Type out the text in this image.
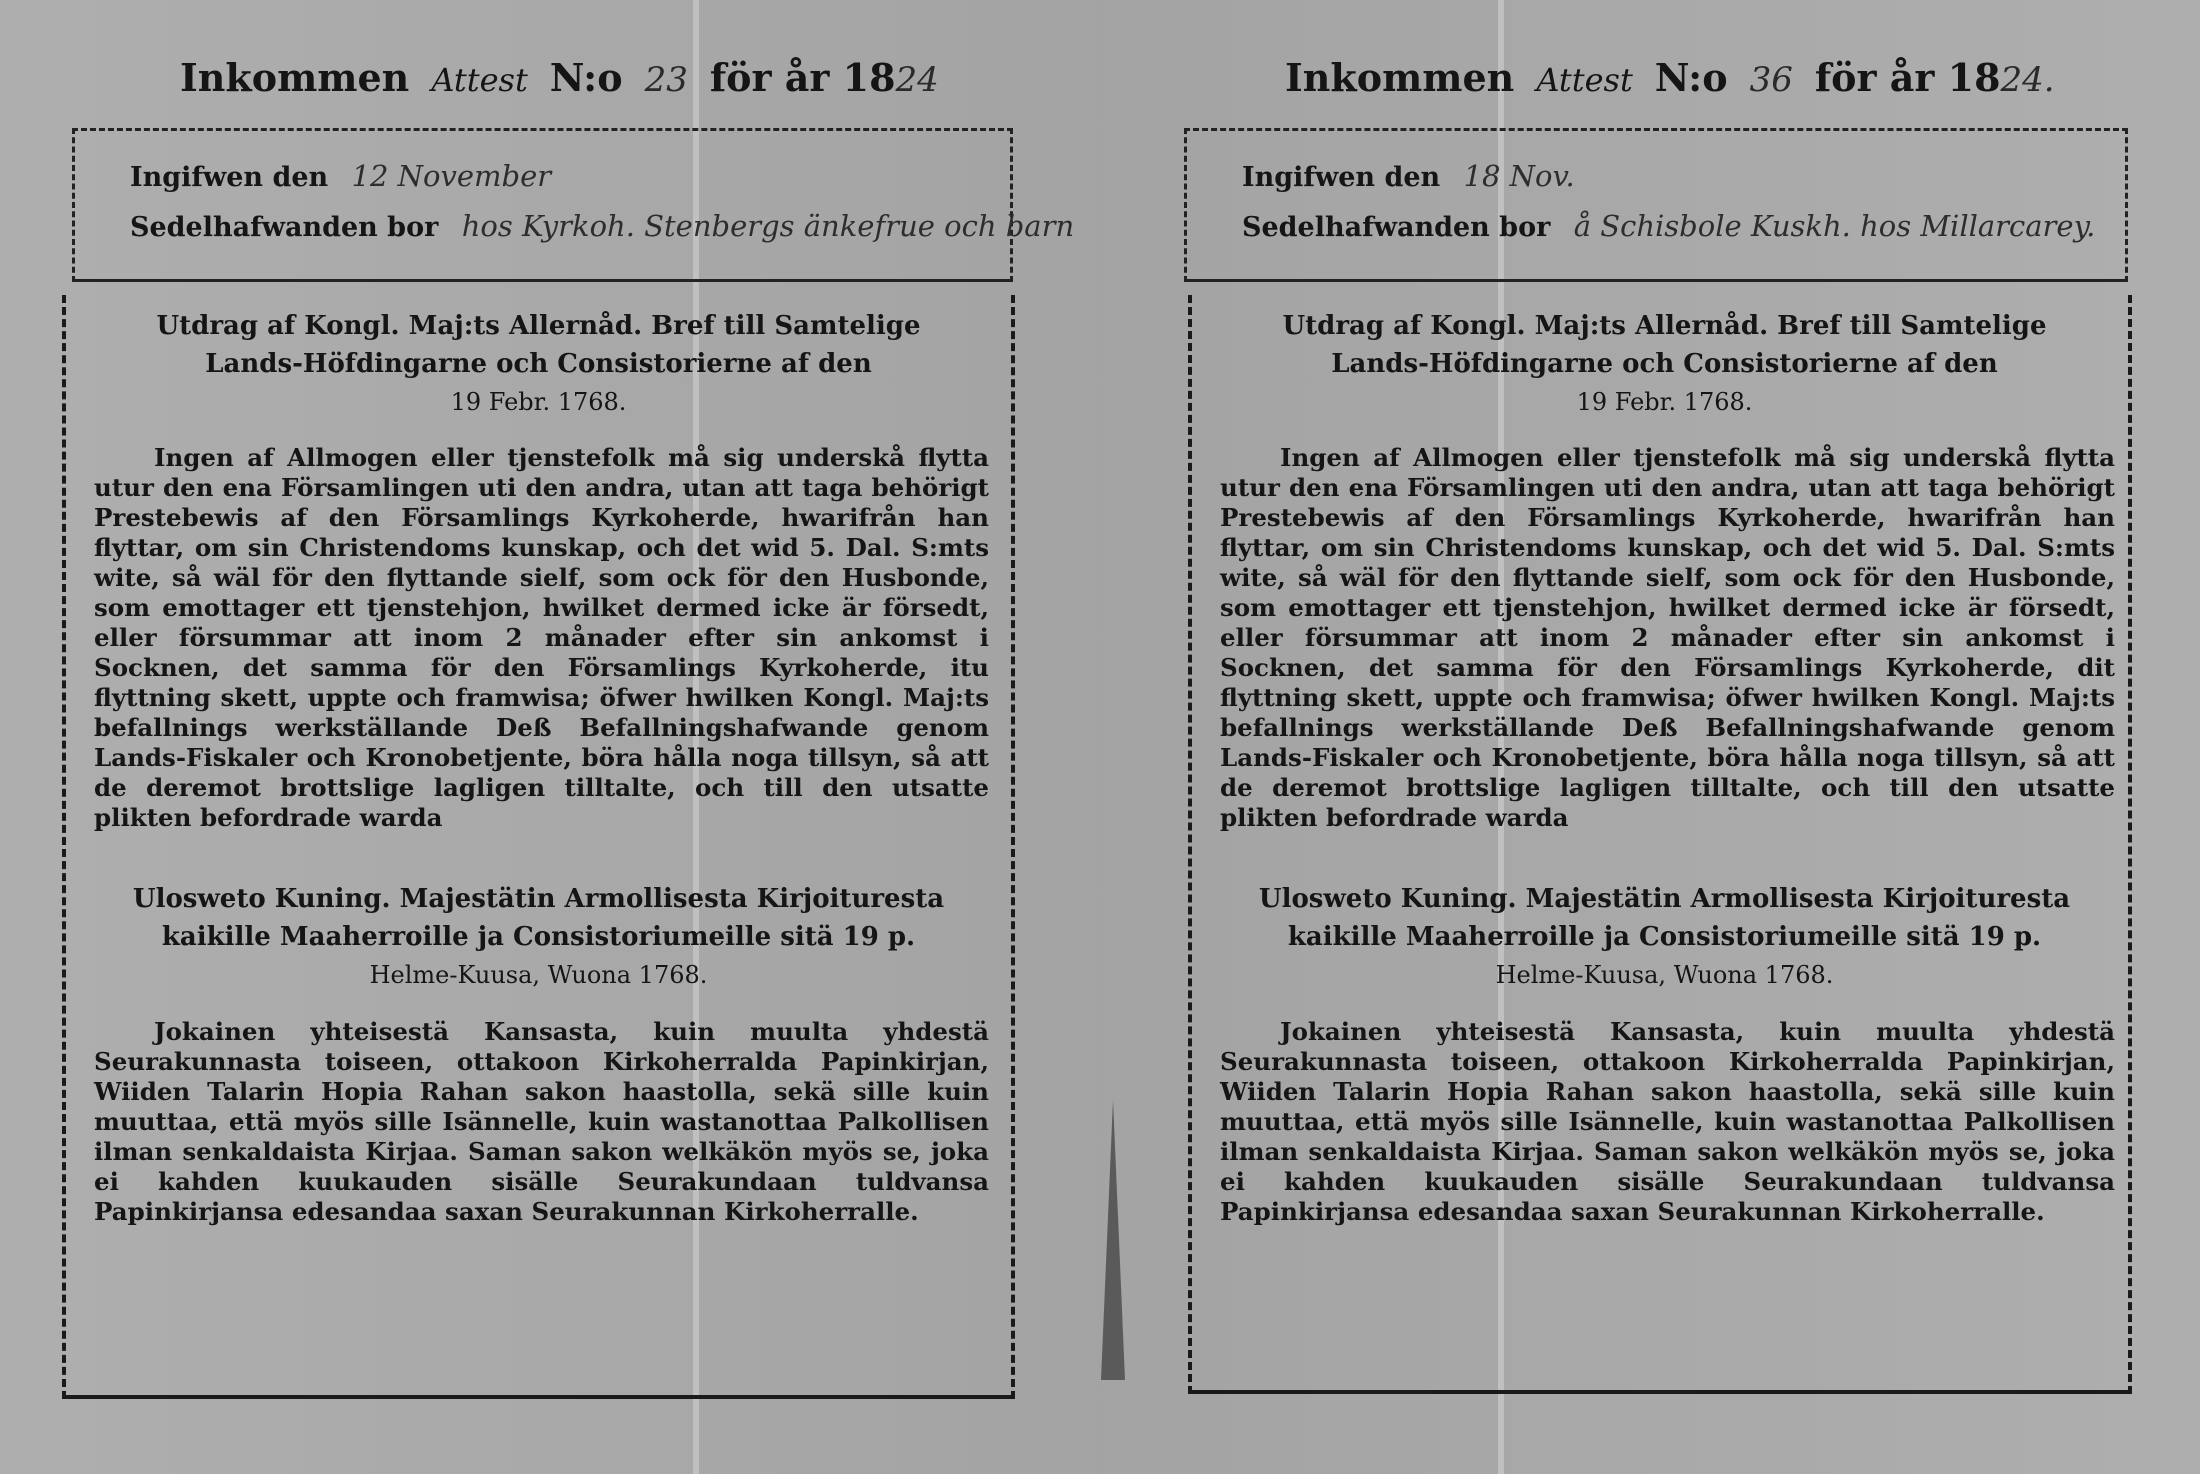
Inkommen Attest N:o 23 för år 18 24
Ingifwen den 12 November
Sedelhafwanden bor hos Kyrkoh. Stenbergs änkefrue och barn
Utdrag af Kongl. Maj:ts Allernåd. Bref till Samtelige
Lands-Höfdingarne och Consistorierne af den
19 Febr. 1768.

Ingen af Allmogen eller tjenstefolk må sig underskå flytta utur den ena Församlingen uti den andra, utan att taga behörigt Prestebewis af den Församlings Kyrkoherde, hwarifrån han flyttar, om sin Christendoms kunskap, och det wid 5. Dal. S:mts wite, så wäl för den flyttande sielf, som ock för den Husbonde, som emottager ett tjenstehjon, hwilket dermed icke är försedt, eller försummar att inom 2 månader efter sin ankomst i Socknen, det samma för den Församlings Kyrkoherde, itu flyttning skett, uppte och framwisa; öfwer hwilken Kongl. Maj:ts befallnings werkställande Deß Befallningshafwande genom Lands-Fiskaler och Kronobetjente, böra hålla noga tillsyn, så att de deremot brottslige lagligen tilltalte, och till den utsatte plikten befordrade warda

Ulosweto Kuning. Majestätin Armollisesta Kirjoituresta
kaikille Maaherroille ja Consistoriumeille sitä 19 p.
Helme-Kuusa, Wuona 1768.

Jokainen yhteisestä Kansasta, kuin muulta yhdestä Seurakunnasta toiseen, ottakoon Kirkoherralda Papinkirjan, Wiiden Talarin Hopia Rahan sakon haastolla, sekä sille kuin muuttaa, että myös sille Isännelle, kuin wastanottaa Palkollisen ilman senkaldaista Kirjaa. Saman sakon welkäkön myös se, joka ei kahden kuukauden sisälle Seurakundaan tuldvansa Papinkirjansa edesandaa saxan Seurakunnan Kirkoherralle.

Inkommen Attest N:o 36 för år 18 24.
Ingifwen den 18 Nov.
Sedelhafwanden bor å Schisbole Kuskh. hos Millarcarey.
Utdrag af Kongl. Maj:ts Allernåd. Bref till Samtelige
Lands-Höfdingarne och Consistorierne af den
19 Febr. 1768.

Ingen af Allmogen eller tjenstefolk må sig underskå flytta utur den ena Församlingen uti den andra, utan att taga behörigt Prestebewis af den Församlings Kyrkoherde, hwarifrån han flyttar, om sin Christendoms kunskap, och det wid 5. Dal. S:mts wite, så wäl för den flyttande sielf, som ock för den Husbonde, som emottager ett tjenstehjon, hwilket dermed icke är försedt, eller försummar att inom 2 månader efter sin ankomst i Socknen, det samma för den Församlings Kyrkoherde, dit flyttning skett, uppte och framwisa; öfwer hwilken Kongl. Maj:ts befallnings werkställande Deß Befallningshafwande genom Lands-Fiskaler och Kronobetjente, böra hålla noga tillsyn, så att de deremot brottslige lagligen tilltalte, och till den utsatte plikten befordrade warda

Ulosweto Kuning. Majestätin Armollisesta Kirjoituresta
kaikille Maaherroille ja Consistoriumeille sitä 19 p.
Helme-Kuusa, Wuona 1768.

Jokainen yhteisestä Kansasta, kuin muulta yhdestä Seurakunnasta toiseen, ottakoon Kirkoherralda Papinkirjan, Wiiden Talarin Hopia Rahan sakon haastolla, sekä sille kuin muuttaa, että myös sille Isännelle, kuin wastanottaa Palkollisen ilman senkaldaista Kirjaa. Saman sakon welkäkön myös se, joka ei kahden kuukauden sisälle Seurakundaan tuldvansa Papinkirjansa edesandaa saxan Seurakunnan Kirkoherralle.
